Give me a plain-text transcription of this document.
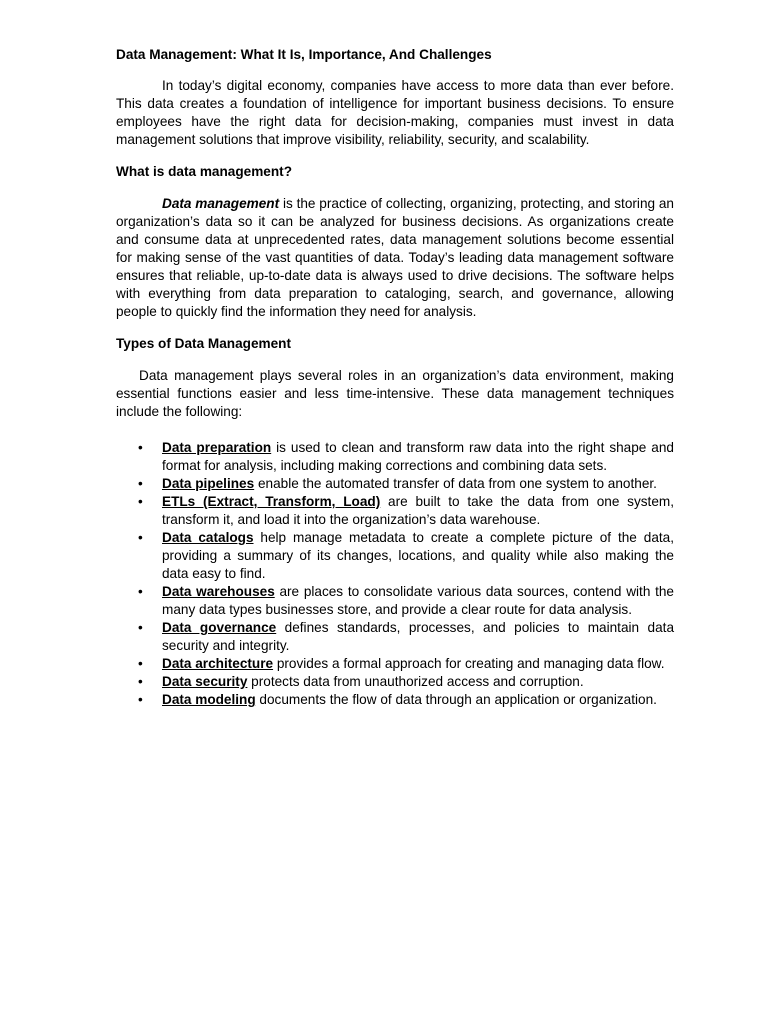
Data Management: What It Is, Importance, And Challenges

In today’s digital economy, companies have access to more data than ever before. This data creates a foundation of intelligence for important business decisions. To ensure employees have the right data for decision-making, companies must invest in data management solutions that improve visibility, reliability, security, and scalability.

What is data management?

Data management is the practice of collecting, organizing, protecting, and storing an organization’s data so it can be analyzed for business decisions. As organizations create and consume data at unprecedented rates, data management solutions become essential for making sense of the vast quantities of data. Today’s leading data management software ensures that reliable, up-to-date data is always used to drive decisions. The software helps with everything from data preparation to cataloging, search, and governance, allowing people to quickly find the information they need for analysis.

Types of Data Management

Data management plays several roles in an organization’s data environment, making essential functions easier and less time-intensive. These data management techniques include the following:

• Data preparation is used to clean and transform raw data into the right shape and format for analysis, including making corrections and combining data sets.
• Data pipelines enable the automated transfer of data from one system to another.
• ETLs (Extract, Transform, Load) are built to take the data from one system, transform it, and load it into the organization’s data warehouse.
• Data catalogs help manage metadata to create a complete picture of the data, providing a summary of its changes, locations, and quality while also making the data easy to find.
• Data warehouses are places to consolidate various data sources, contend with the many data types businesses store, and provide a clear route for data analysis.
• Data governance defines standards, processes, and policies to maintain data security and integrity.
• Data architecture provides a formal approach for creating and managing data flow.
• Data security protects data from unauthorized access and corruption.
• Data modeling documents the flow of data through an application or organization.
